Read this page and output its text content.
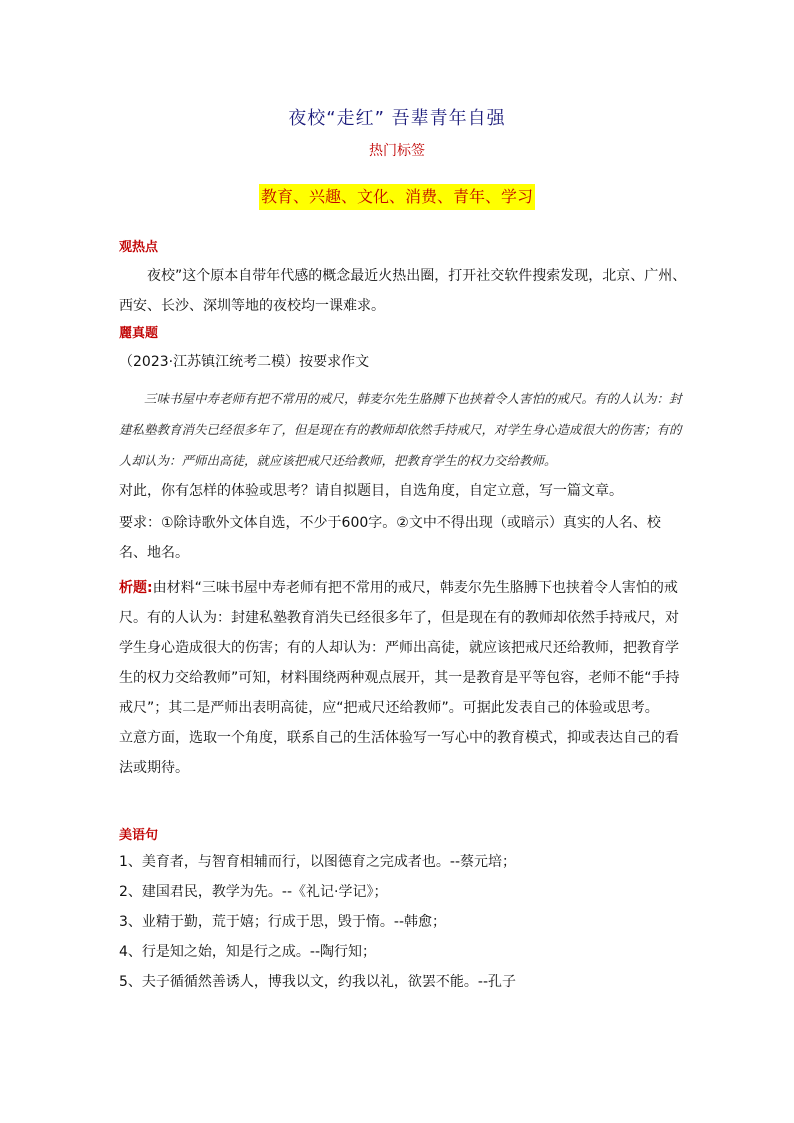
夜校“走红” 吾辈青年自强
热门标签
教育、兴趣、文化、消费、青年、学习
观热点
夜校”这个原本自带年代感的概念最近火热出圈，打开社交软件搜索发现，北京、广州、西安、长沙、深圳等地的夜校均一课难求。
麗真题
（2023·江苏镇江统考二模）按要求作文
三味书屋中寿老师有把不常用的戒尺，韩麦尔先生胳膊下也挟着令人害怕的戒尺。有的人认为：封建私塾教育消失已经很多年了，但是现在有的教师却依然手持戒尺，对学生身心造成很大的伤害；有的人却认为：严师出高徒，就应该把戒尺还给教师，把教育学生的权力交给教师。
对此，你有怎样的体验或思考？请自拟题目，自选角度，自定立意，写一篇文章。
要求：①除诗歌外文体自选，不少于600字。②文中不得出现（或暗示）真实的人名、校名、地名。
析题:由材料“三味书屋中寿老师有把不常用的戒尺，韩麦尔先生胳膊下也挟着令人害怕的戒尺。有的人认为：封建私塾教育消失已经很多年了，但是现在有的教师却依然手持戒尺，对学生身心造成很大的伤害；有的人却认为：严师出高徒，就应该把戒尺还给教师，把教育学生的权力交给教师”可知，材料围绕两种观点展开，其一是教育是平等包容，老师不能“手持戒尺”；其二是严师出表明高徒，应“把戒尺还给教师”。可据此发表自己的体验或思考。
立意方面，选取一个角度，联系自己的生活体验写一写心中的教育模式，抑或表达自己的看法或期待。
美语句
1、美育者，与智育相辅而行，以图德育之完成者也。--蔡元培；
2、建国君民，教学为先。--《礼记·学记》；
3、业精于勤，荒于嬉；行成于思，毁于惰。--韩愈；
4、行是知之始，知是行之成。--陶行知；
5、夫子循循然善诱人，博我以文，约我以礼，欲罢不能。--孔子
